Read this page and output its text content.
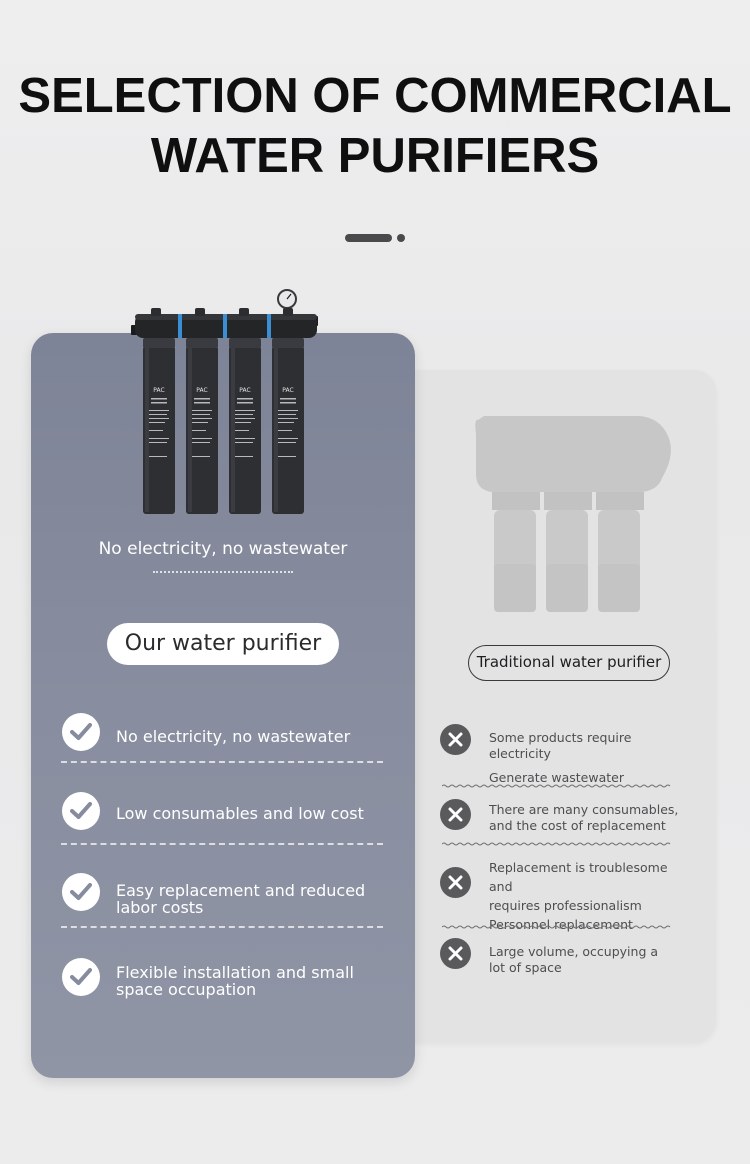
SELECTION OF COMMERCIAL
WATER PURIFIERS
Traditional water purifier
Some products require electricity
Generate wastewater
There are many consumables,
and the cost of replacement
Replacement is troublesome and
requires professionalism
Personnel replacement
Large volume, occupying a
lot of space
PAC	PAC	PAC	PAC
No electricity, no wastewater
Our water purifier
No electricity, no wastewater
Low consumables and low cost
Easy replacement and reduced
labor costs
Flexible installation and small
space occupation
